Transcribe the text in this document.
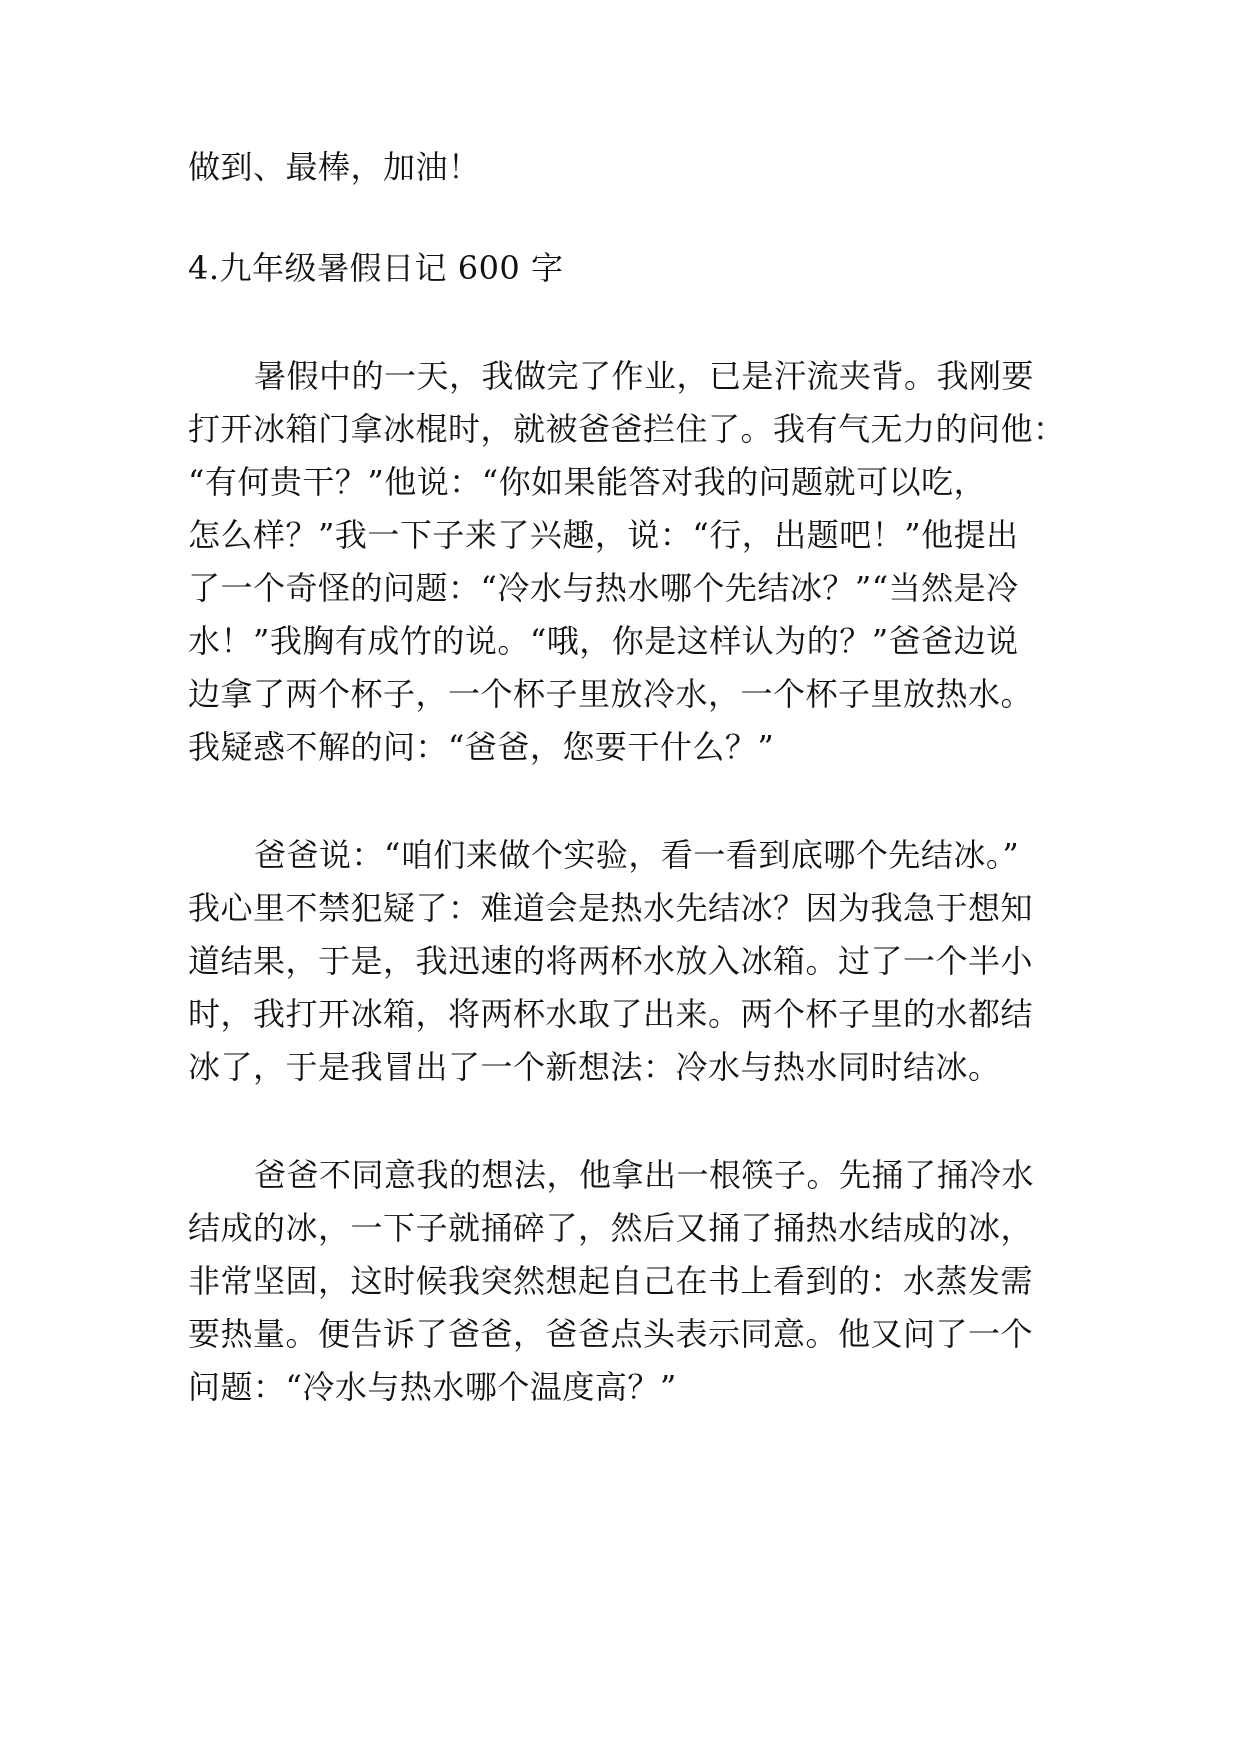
做到、最棒，加油！
4.九年级暑假日记 600 字
暑假中的一天，我做完了作业，已是汗流夹背。我刚要
打开冰箱门拿冰棍时，就被爸爸拦住了。我有气无力的问他：
“有何贵干？”他说：“你如果能答对我的问题就可以吃，
怎么样？”我一下子来了兴趣，说：“行，出题吧！”他提出
了一个奇怪的问题：“冷水与热水哪个先结冰？”“当然是冷
水！”我胸有成竹的说。“哦，你是这样认为的？”爸爸边说
边拿了两个杯子，一个杯子里放冷水，一个杯子里放热水。
我疑惑不解的问：“爸爸，您要干什么？”
爸爸说：“咱们来做个实验，看一看到底哪个先结冰。”
我心里不禁犯疑了：难道会是热水先结冰？因为我急于想知
道结果，于是，我迅速的将两杯水放入冰箱。过了一个半小
时，我打开冰箱，将两杯水取了出来。两个杯子里的水都结
冰了，于是我冒出了一个新想法：冷水与热水同时结冰。
爸爸不同意我的想法，他拿出一根筷子。先捅了捅冷水
结成的冰，一下子就捅碎了，然后又捅了捅热水结成的冰，
非常坚固，这时候我突然想起自己在书上看到的：水蒸发需
要热量。便告诉了爸爸，爸爸点头表示同意。他又问了一个
问题：“冷水与热水哪个温度高？”
